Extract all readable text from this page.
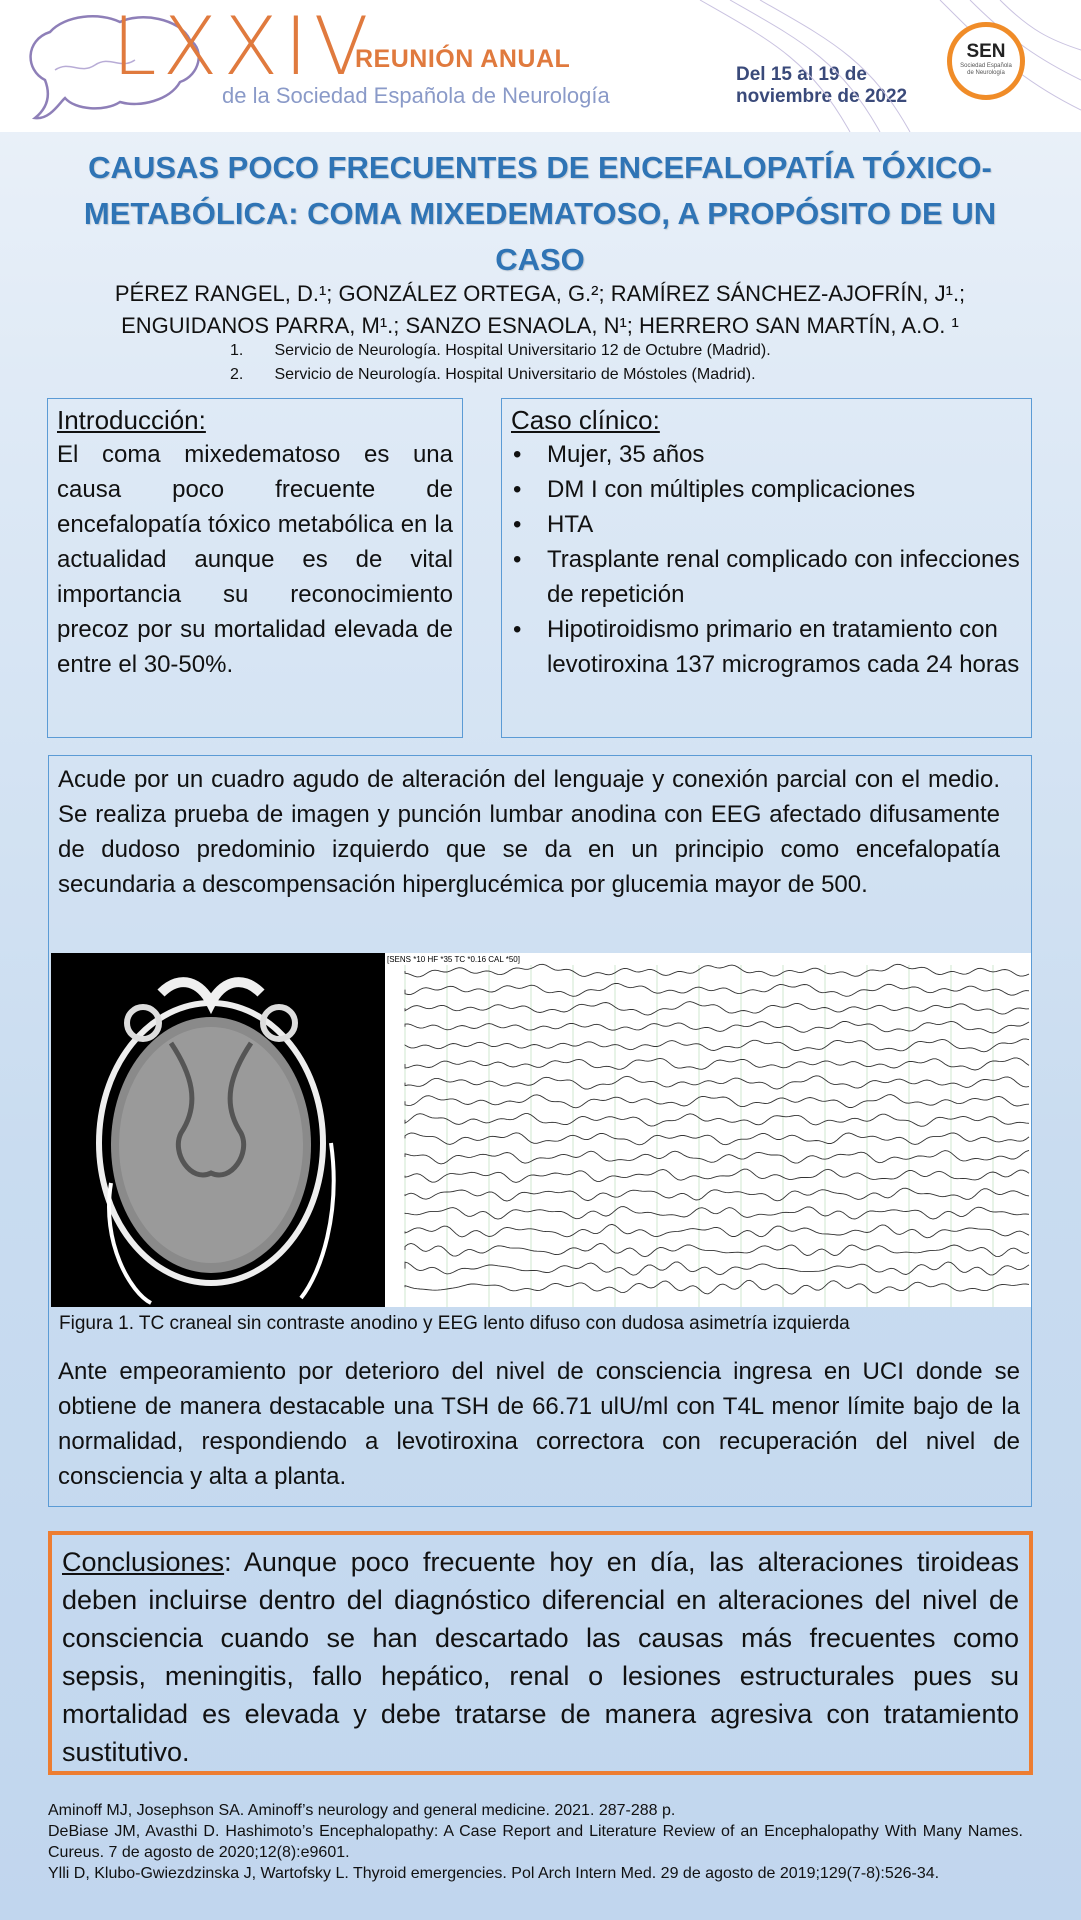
LXXIV
REUNIÓN ANUAL
de la Sociedad Española de Neurología
Del 15 al 19 de
noviembre de 2022
SEN
Sociedad Española
de Neurología
CAUSAS POCO FRECUENTES DE ENCEFALOPATÍA TÓXICO-METABÓLICA: COMA MIXEDEMATOSO, A PROPÓSITO DE UN CASO
PÉREZ RANGEL, D.¹; GONZÁLEZ ORTEGA, G.²; RAMÍREZ SÁNCHEZ-AJOFRÍN, J¹.;
ENGUIDANOS PARRA, M¹.; SANZO ESNAOLA, N¹; HERRERO SAN MARTÍN, A.O. ¹
1. Servicio de Neurología. Hospital Universitario 12 de Octubre (Madrid).
2. Servicio de Neurología. Hospital Universitario de Móstoles (Madrid).
Introducción:
El coma mixedematoso es una causa poco frecuente de encefalopatía tóxico metabólica en la actualidad aunque es de vital importancia su reconocimiento precoz por su mortalidad elevada de entre el 30-50%.
Caso clínico:
• Mujer, 35 años
• DM I con múltiples complicaciones
• HTA
• Trasplante renal complicado con infecciones de repetición
• Hipotiroidismo primario en tratamiento con levotiroxina 137 microgramos cada 24 horas
Acude por un cuadro agudo de alteración del lenguaje y conexión parcial con el medio. Se realiza prueba de imagen y punción lumbar anodina con EEG afectado difusamente de dudoso predominio izquierdo que se da en un principio como encefalopatía secundaria a descompensación hiperglucémica por glucemia mayor de 500.
[SENS *10 HF *35 TC *0.16 CAL *50]
Figura 1. TC craneal sin contraste anodino y EEG lento difuso con dudosa asimetría izquierda
Ante empeoramiento por deterioro del nivel de consciencia ingresa en UCI donde se obtiene de manera destacable una TSH de 66.71 ulU/ml con T4L menor límite bajo de la normalidad, respondiendo a levotiroxina correctora con recuperación del nivel de consciencia y alta a planta.
Conclusiones: Aunque poco frecuente hoy en día, las alteraciones tiroideas deben incluirse dentro del diagnóstico diferencial en alteraciones del nivel de consciencia cuando se han descartado las causas más frecuentes como sepsis, meningitis, fallo hepático, renal o lesiones estructurales pues su mortalidad es elevada y debe tratarse de manera agresiva con tratamiento sustitutivo.
Aminoff MJ, Josephson SA. Aminoff’s neurology and general medicine. 2021. 287-288 p.
DeBiase JM, Avasthi D. Hashimoto’s Encephalopathy: A Case Report and Literature Review of an Encephalopathy With Many Names. Cureus. 7 de agosto de 2020;12(8):e9601.
Ylli D, Klubo-Gwiezdzinska J, Wartofsky L. Thyroid emergencies. Pol Arch Intern Med. 29 de agosto de 2019;129(7-8):526-34.
